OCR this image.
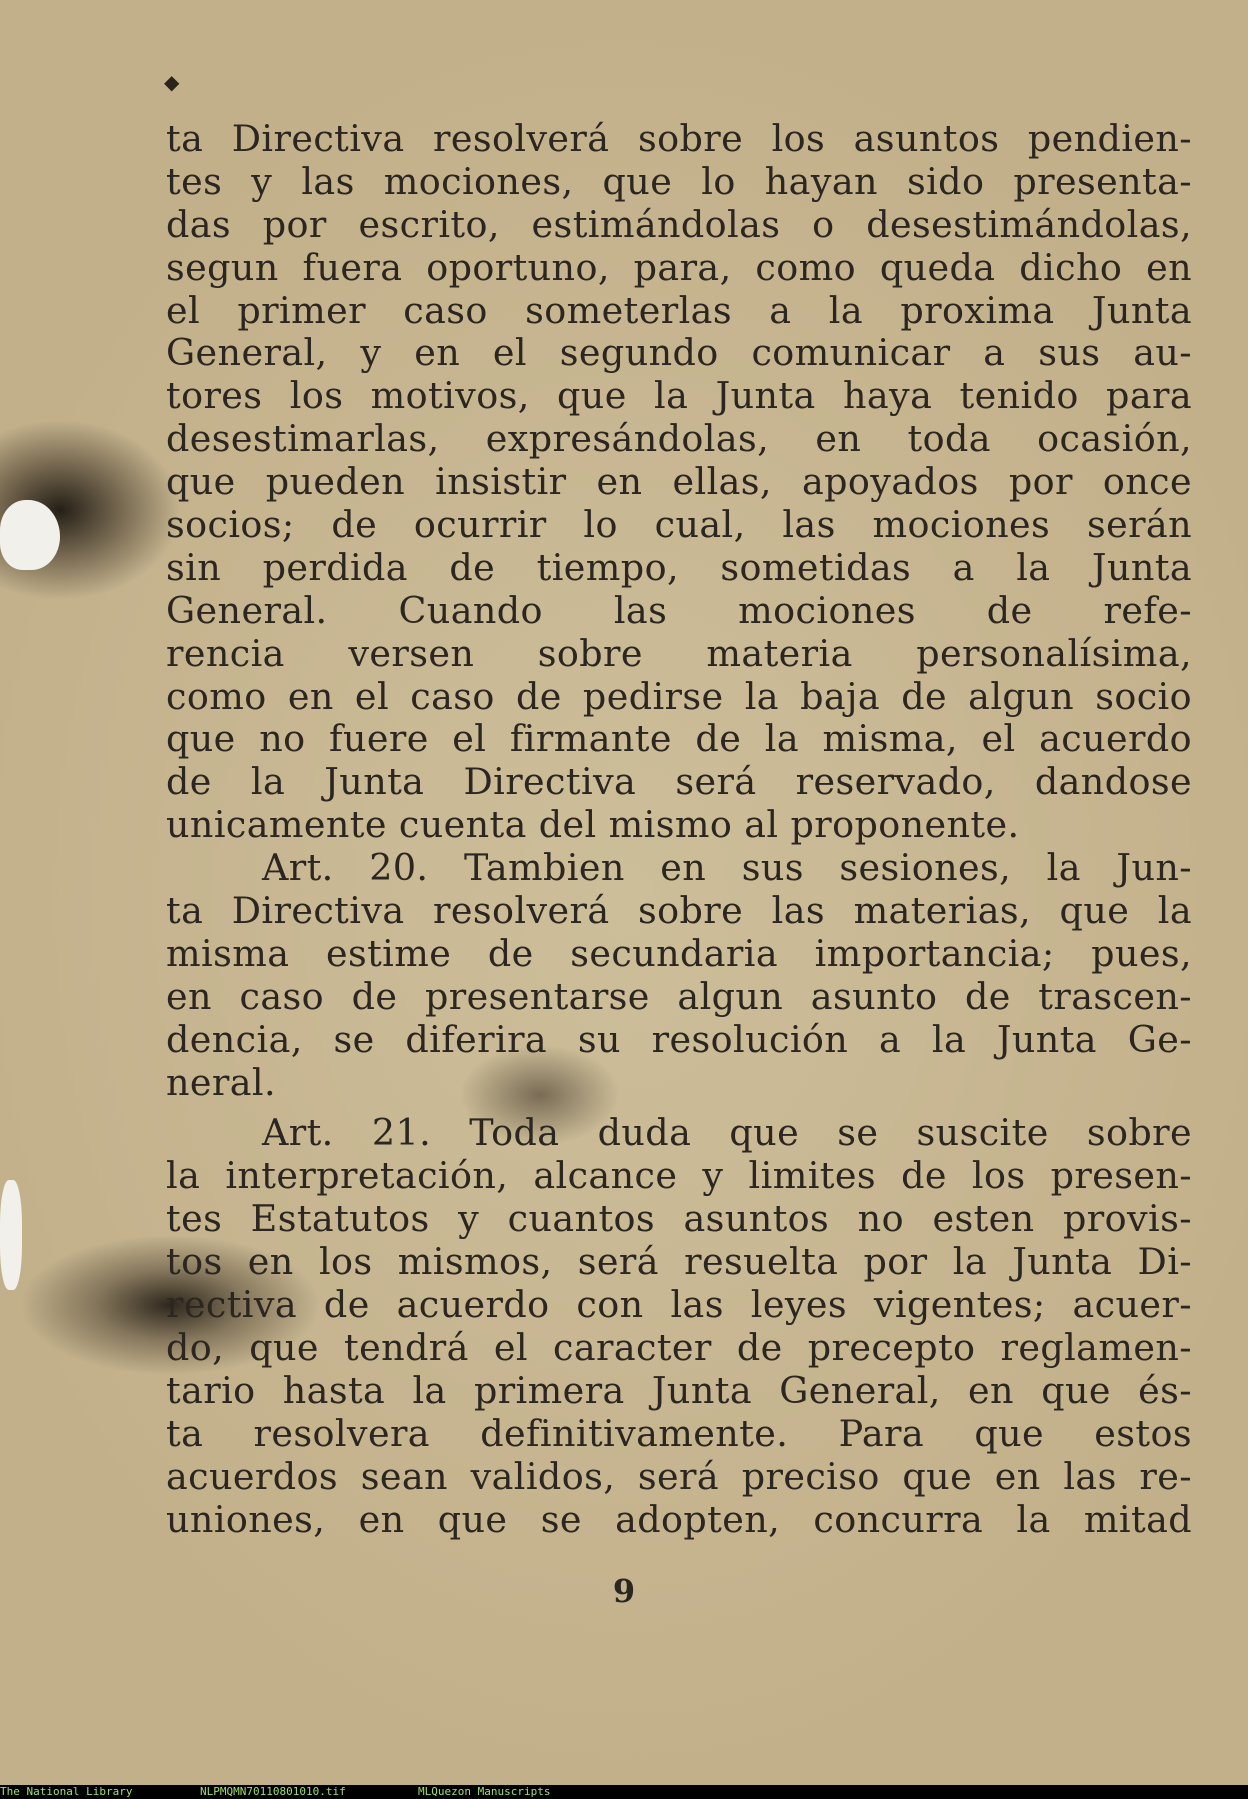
◆
ta Directiva resolverá sobre los asuntos pendien-
tes y las mociones, que lo hayan sido presenta-
das por escrito, estimándolas o desestimándolas,
segun fuera oportuno, para, como queda dicho en
el primer caso someterlas a la proxima Junta
General, y en el segundo comunicar a sus au-
tores los motivos, que la Junta haya tenido para
desestimarlas, expresándolas, en toda ocasión,
que pueden insistir en ellas, apoyados por once
socios; de ocurrir lo cual, las mociones serán
sin perdida de tiempo, sometidas a la Junta
General. Cuando las mociones de refe-
rencia versen sobre materia personalísima,
como en el caso de pedirse la baja de algun socio
que no fuere el firmante de la misma, el acuerdo
de la Junta Directiva será reservado, dandose
unicamente cuenta del mismo al proponente.
Art. 20. Tambien en sus sesiones, la Jun-
ta Directiva resolverá sobre las materias, que la
misma estime de secundaria importancia; pues,
en caso de presentarse algun asunto de trascen-
dencia, se diferira su resolución a la Junta Ge-
neral.
Art. 21. Toda duda que se suscite sobre
la interpretación, alcance y limites de los presen-
tes Estatutos y cuantos asuntos no esten provis-
tos en los mismos, será resuelta por la Junta Di-
rectiva de acuerdo con las leyes vigentes; acuer-
do, que tendrá el caracter de precepto reglamen-
tario hasta la primera Junta General, en que és-
ta resolvera definitivamente. Para que estos
acuerdos sean validos, será preciso que en las re-
uniones, en que se adopten, concurra la mitad
9
The National Library	NLPMQMN70110801010.tif	MLQuezon Manuscripts
